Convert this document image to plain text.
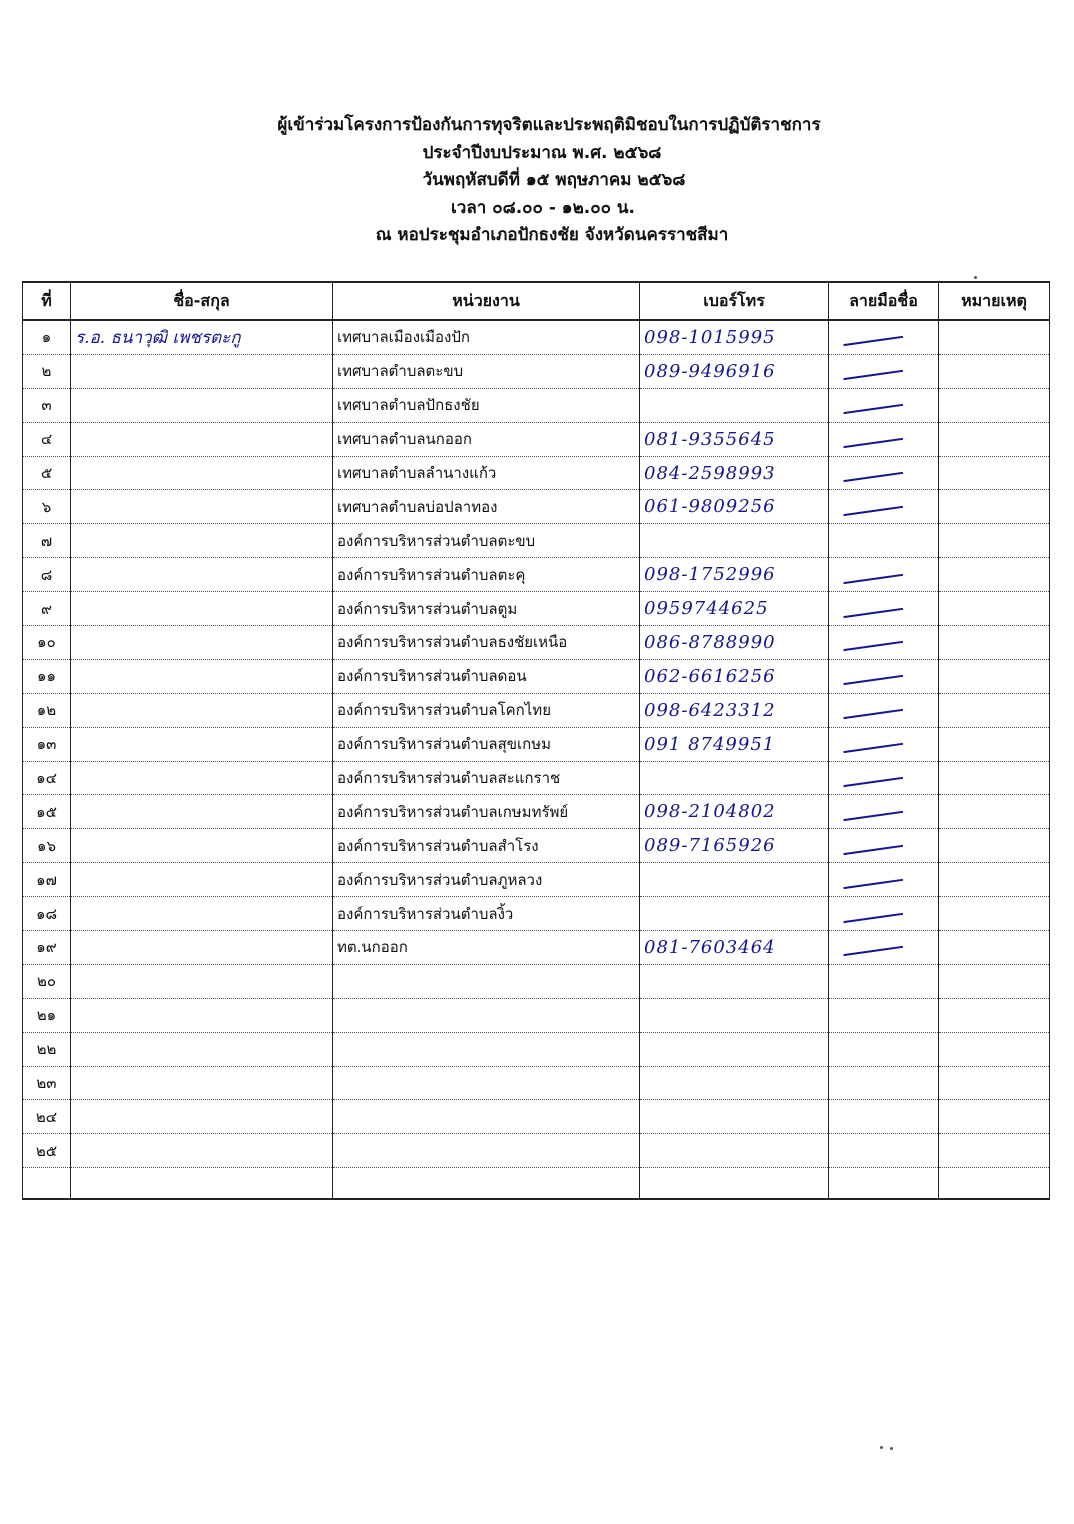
ผู้เข้าร่วมโครงการป้องกันการทุจริตและประพฤติมิชอบในการปฏิบัติราชการ
ประจำปีงบประมาณ พ.ศ. ๒๕๖๘
วันพฤหัสบดีที่ ๑๕ พฤษภาคม ๒๕๖๘
เวลา ๐๘.๐๐ - ๑๒.๐๐ น.
ณ หอประชุมอำเภอปักธงชัย จังหวัดนครราชสีมา
ที่	ชื่อ-สกุล	หน่วยงาน	เบอร์โทร	ลายมือชื่อ	หมายเหตุ
๑	ร.อ. ธนาวุฒิ เพชรตะกู	เทศบาลเมืองเมืองปัก	098-1015995		
๒		เทศบาลตำบลตะขบ	089-9496916		
๓		เทศบาลตำบลปักธงชัย			
๔		เทศบาลตำบลนกออก	081-9355645		
๕		เทศบาลตำบลลำนางแก้ว	084-2598993		
๖		เทศบาลตำบลบ่อปลาทอง	061-9809256		
๗		องค์การบริหารส่วนตำบลตะขบ			
๘		องค์การบริหารส่วนตำบลตะคุ	098-1752996		
๙		องค์การบริหารส่วนตำบลตูม	0959744625		
๑๐		องค์การบริหารส่วนตำบลธงชัยเหนือ	086-8788990		
๑๑		องค์การบริหารส่วนตำบลดอน	062-6616256		
๑๒		องค์การบริหารส่วนตำบลโคกไทย	098-6423312		
๑๓		องค์การบริหารส่วนตำบลสุขเกษม	091 8749951		
๑๔		องค์การบริหารส่วนตำบลสะแกราช			
๑๕		องค์การบริหารส่วนตำบลเกษมทรัพย์	098-2104802		
๑๖		องค์การบริหารส่วนตำบลสำโรง	089-7165926		
๑๗		องค์การบริหารส่วนตำบลภูหลวง			
๑๘		องค์การบริหารส่วนตำบลงิ้ว			
๑๙		ทต.นกออก	081-7603464		
๒๐					
๒๑					
๒๒					
๒๓					
๒๔					
๒๕					
